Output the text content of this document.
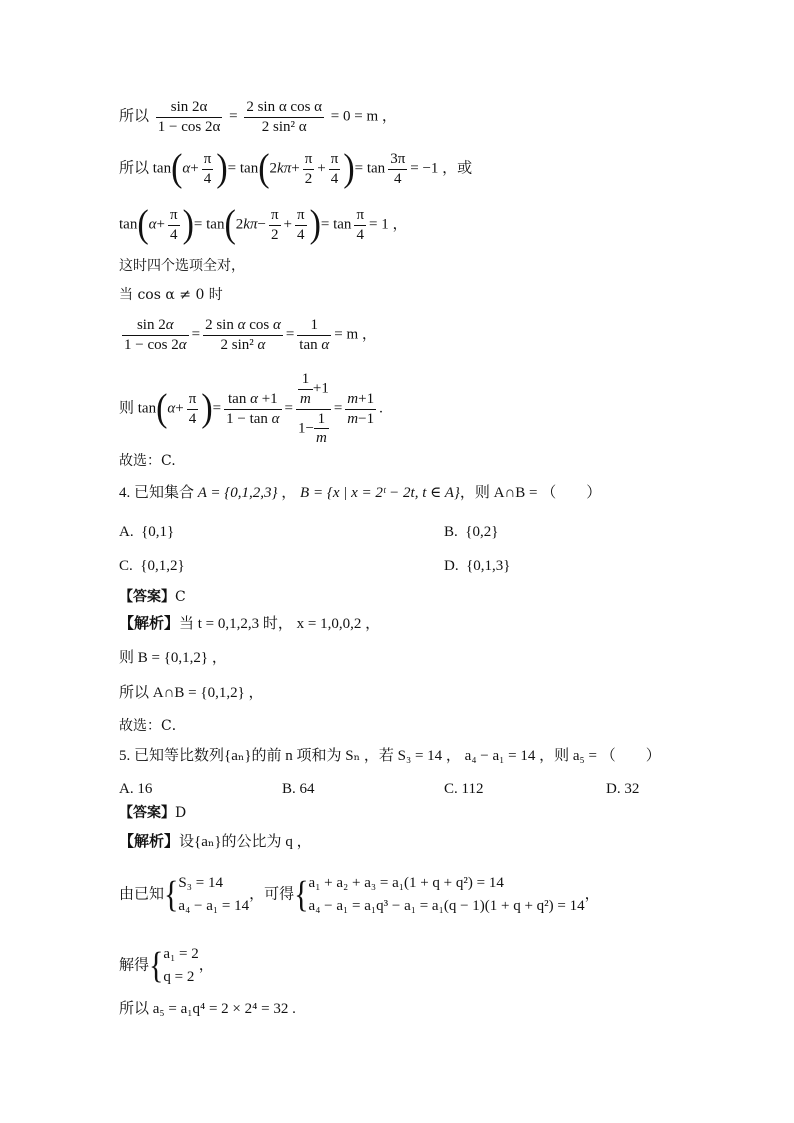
所以 $\frac{\sin 2\alpha}{1 - \cos 2\alpha} = \frac{\text{2 sin α cos α}}{\text{2 sin² α}} = 0 = m$ ，
所以 $\tan(\alpha+ \frac{\pi}{4}$ )= $\tan(2k\pi+ \frac{\pi}{2} + \frac{\pi}{4}$ )= $\tan \frac{3\pi}{4} = -1$ ，或
$\tan(\alpha+ \frac{\pi}{4}$ )= $\tan(2k\pi- \frac{\pi}{2} + \frac{\pi}{4}$ )= $\tan \frac{\pi}{4} = 1$ ，
这时四个选项全对，
当 cos α ≠ 0 时
$\frac{\sin 2\alpha}{1 - \cos 2\alpha} = \frac{\text{2 sin α cos α}}{\text{2 sin² α}} = \frac{1}{\text{tan α}} = m$ ，
则 $\tan(\alpha+ \frac{\pi}{4}$ )= $\frac{\text{tan α +1}}{\text{1 − tan α}} = \frac{\frac{1}{m} +1}{1- \frac{1}{m}} = \frac{m+1}{m-1}$ .
故选：C.
4. 已知集合 A = {0,1,2,3} ， B = {x | x = 2ᵗ − 2t, t ∈ A}，则 A∩B = （　　）
A. {0,1}	B. {0,2}
C. {0,1,2}	D. {0,1,3}
【答案】C
【解析】当 t = 0,1,2,3 时， x = 1,0,0,2 ，
则 B = {0,1,2} ，
所以 A∩B = {0,1,2} ，
故选：C．
5. 已知等比数列{aₙ}的前 n 项和为 Sₙ ，若 S₃ = 14 ， a₄ − a₁ = 14 ，则 a₅ = （　　）
A. 16	B. 64	C. 112	D. 32
【答案】D
【解析】设{aₙ}的公比为 q ，
由已知{ S₃ = 14
a₄ − a₁ = 14
，可得{ a₁ + a₂ + a₃ = a₁(1 + q + q²) = 14
a₄ − a₁ = a₁q³ − a₁ = a₁(q − 1)(1 + q + q²) = 14
，
解得{ a₁ = 2
q = 2
，
所以 a₅ = a₁q⁴ = 2 × 2⁴ = 32 .
